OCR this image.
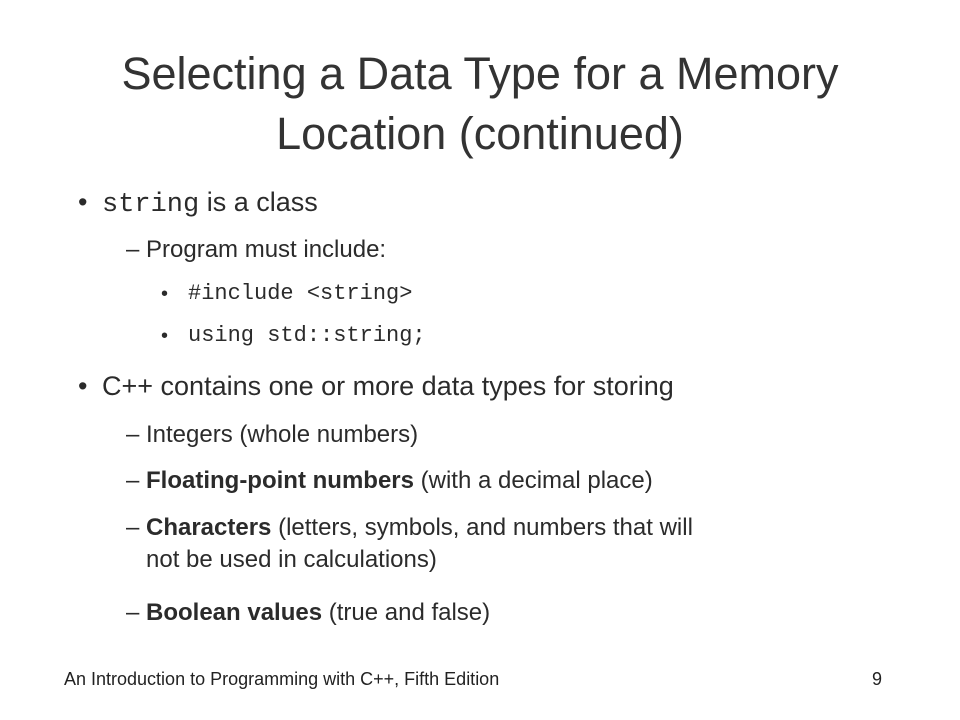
Selecting a Data Type for a Memory
Location (continued)
• string is a class
– Program must include:
• #include <string>
• using std::string;
• C++ contains one or more data types for storing
– Integers (whole numbers)
– Floating-point numbers (with a decimal place)
– Characters (letters, symbols, and numbers that will
not be used in calculations)
– Boolean values (true and false)
An Introduction to Programming with C++, Fifth Edition	9
